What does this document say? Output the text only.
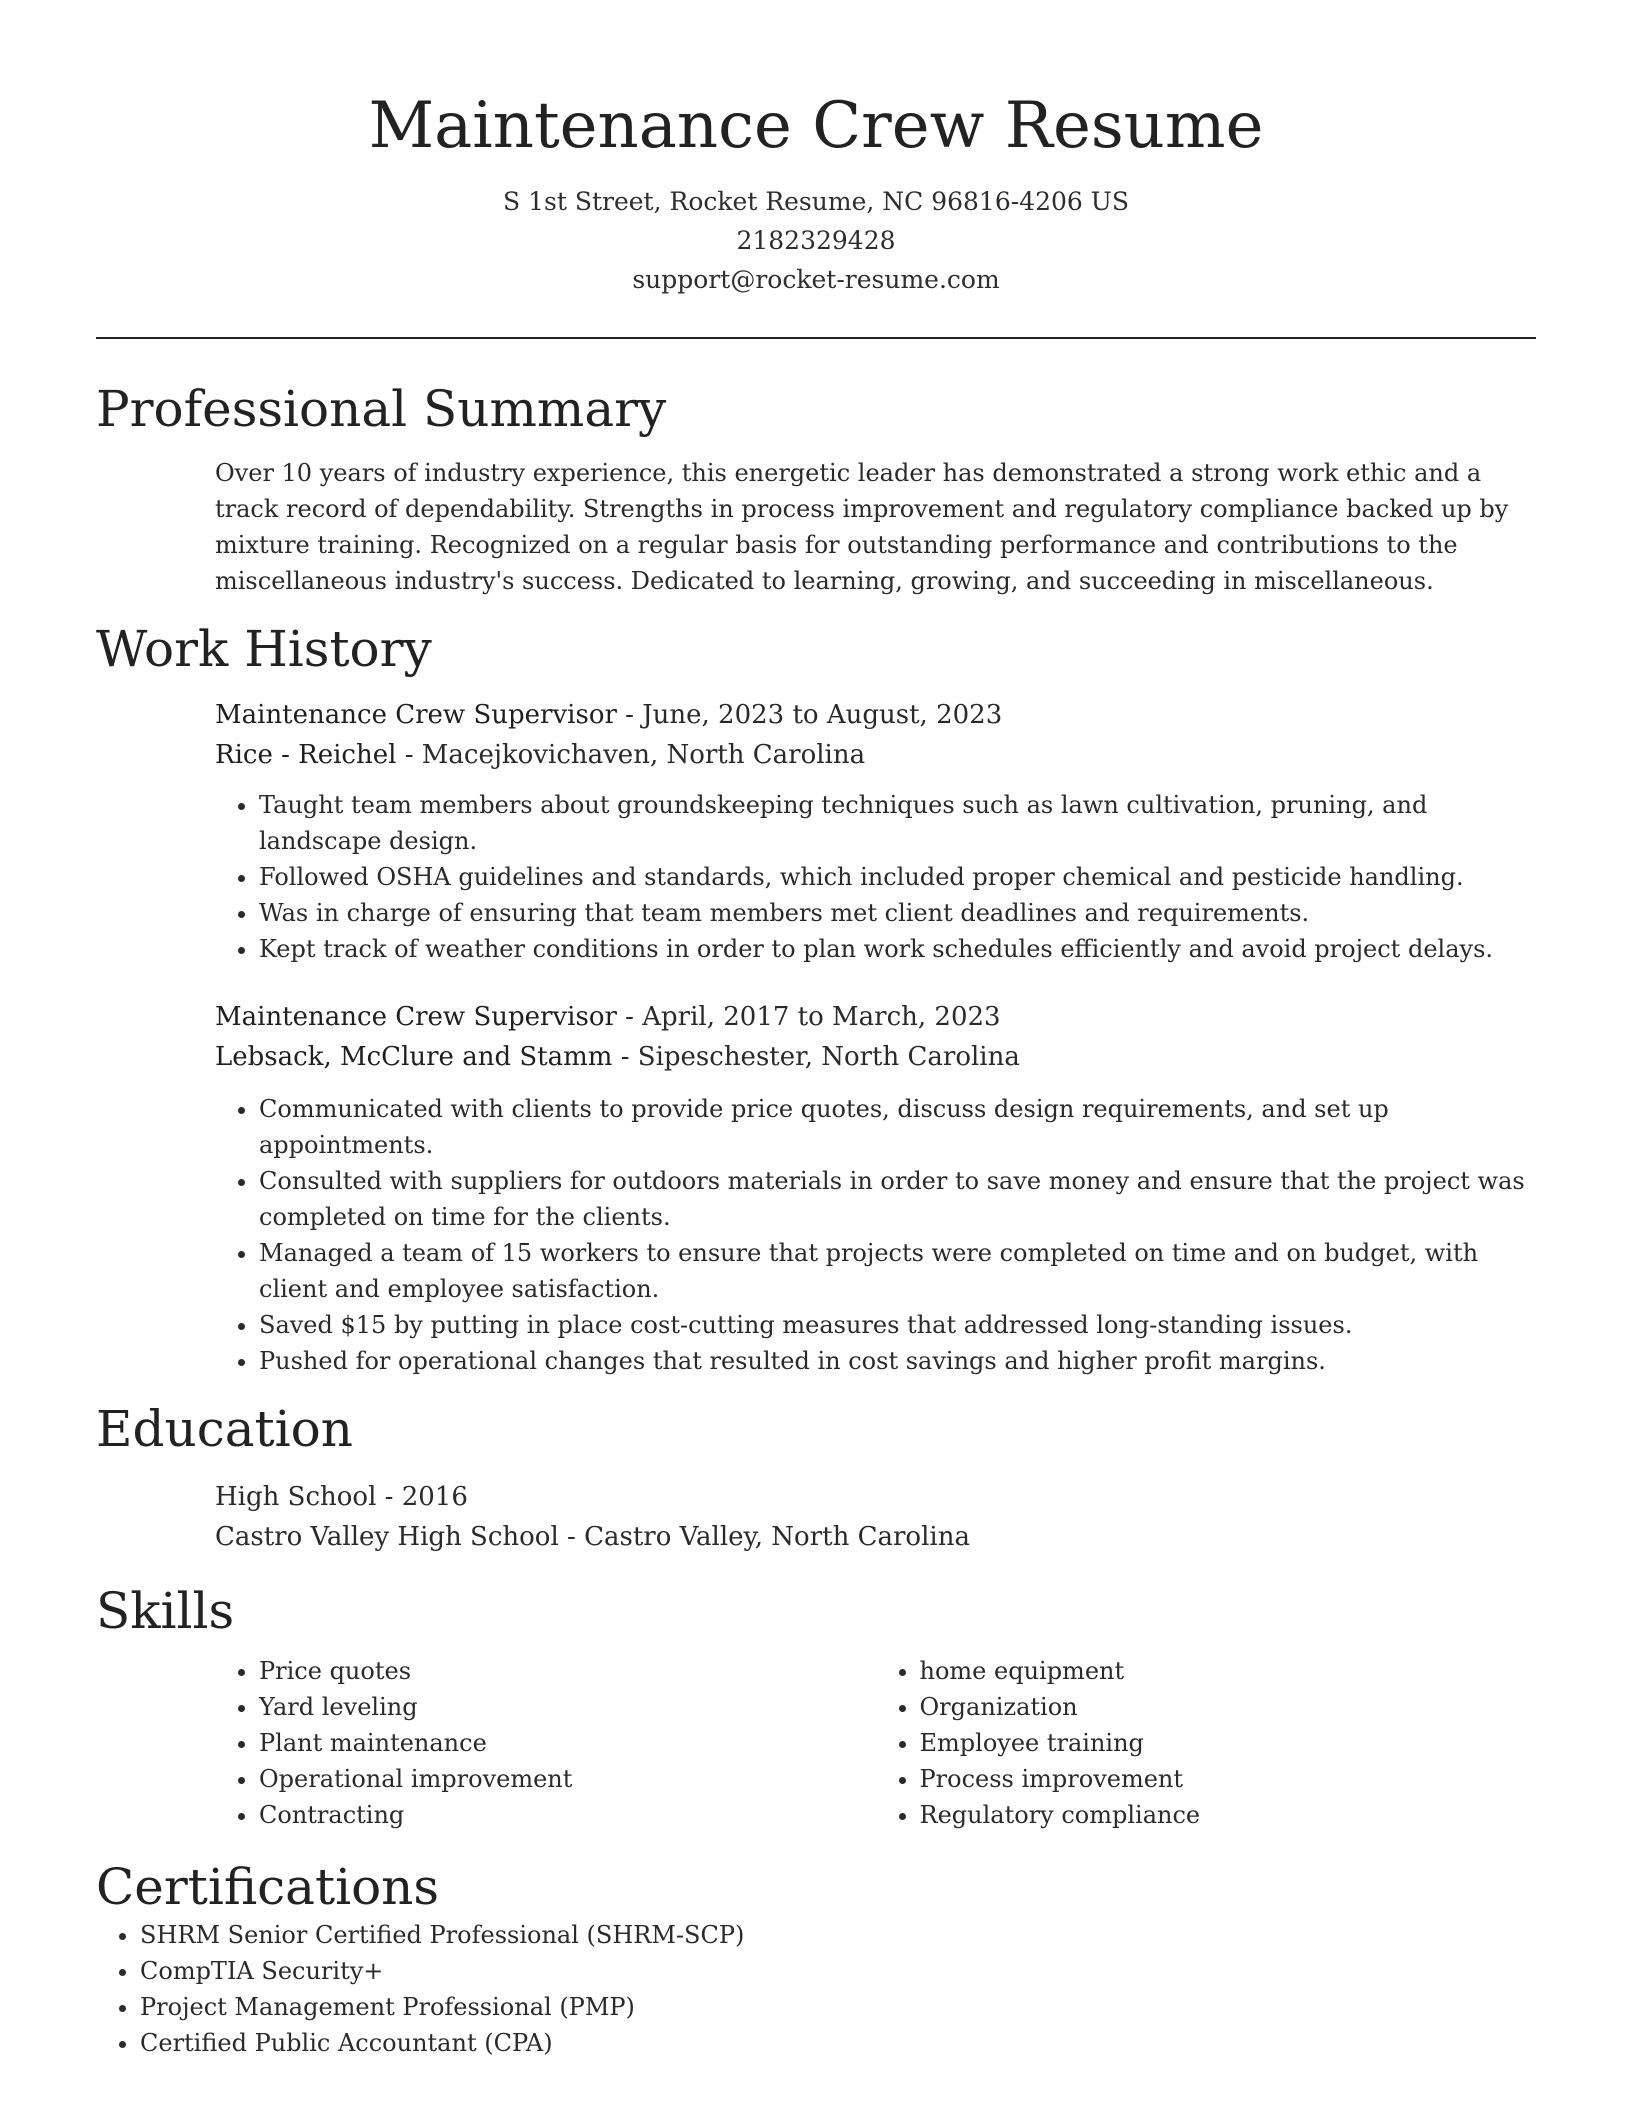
Maintenance Crew Resume
S 1st Street, Rocket Resume, NC 96816-4206 US
2182329428
support@rocket-resume.com
Professional Summary

Over 10 years of industry experience, this energetic leader has demonstrated a strong work ethic and a track record of dependability. Strengths in process improvement and regulatory compliance backed up by mixture training. Recognized on a regular basis for outstanding performance and contributions to the miscellaneous industry's success. Dedicated to learning, growing, and succeeding in miscellaneous.

Work History
Maintenance Crew Supervisor - June, 2023 to August, 2023
Rice - Reichel - Macejkovichaven, North Carolina
• Taught team members about groundskeeping techniques such as lawn cultivation, pruning, and landscape design.
• Followed OSHA guidelines and standards, which included proper chemical and pesticide handling.
• Was in charge of ensuring that team members met client deadlines and requirements.
• Kept track of weather conditions in order to plan work schedules efficiently and avoid project delays.
Maintenance Crew Supervisor - April, 2017 to March, 2023
Lebsack, McClure and Stamm - Sipeschester, North Carolina
• Communicated with clients to provide price quotes, discuss design requirements, and set up appointments.
• Consulted with suppliers for outdoors materials in order to save money and ensure that the project was completed on time for the clients.
• Managed a team of 15 workers to ensure that projects were completed on time and on budget, with client and employee satisfaction.
• Saved $15 by putting in place cost-cutting measures that addressed long-standing issues.
• Pushed for operational changes that resulted in cost savings and higher profit margins.
Education
High School - 2016
Castro Valley High School - Castro Valley, North Carolina
Skills
• Price quotes
• Yard leveling
• Plant maintenance
• Operational improvement
• Contracting
• home equipment
• Organization
• Employee training
• Process improvement
• Regulatory compliance
Certifications
• SHRM Senior Certified Professional (SHRM-SCP)
• CompTIA Security+
• Project Management Professional (PMP)
• Certified Public Accountant (CPA)
